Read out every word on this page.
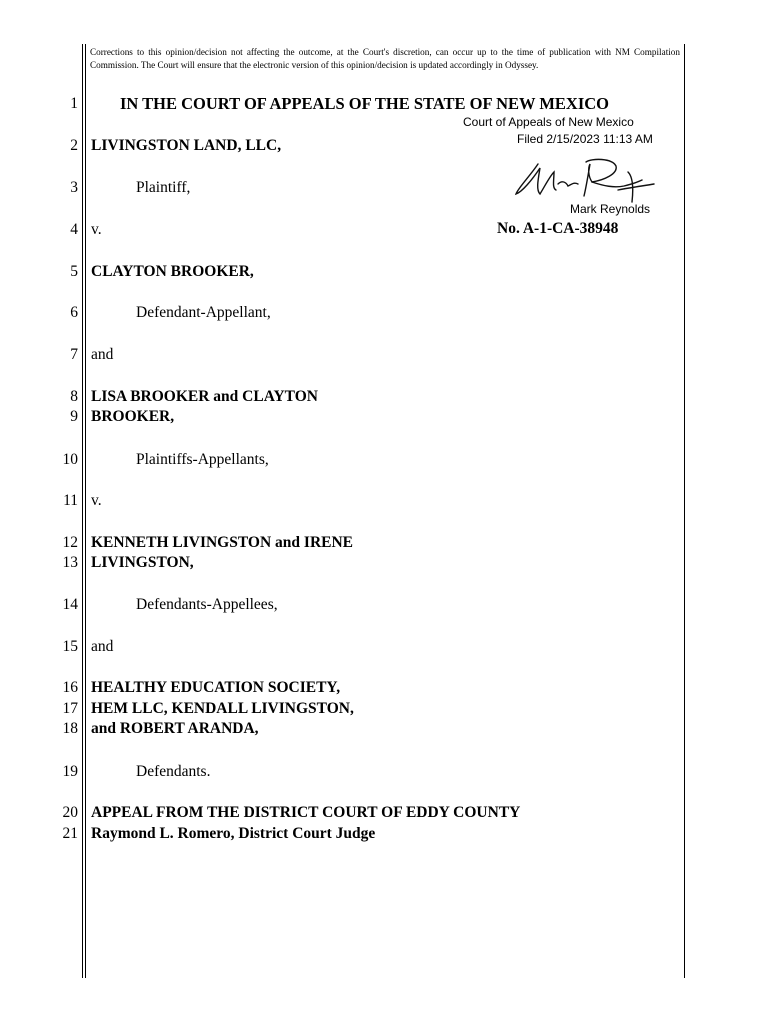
Corrections to this opinion/decision not affecting the outcome, at the Court's discretion, can occur up to the time of publication with NM Compilation Commission. The Court will ensure that the electronic version of this opinion/decision is updated accordingly in Odyssey.

IN THE COURT OF APPEALS OF THE STATE OF NEW MEXICO
Court of Appeals of New Mexico
Filed 2/15/2023 11:13 AM
Mark Reynolds
No. A-1-CA-38948
1
2
3
4
5
6
7
8
9
10
11
12
13
14
15
16
17
18
19
20
21
LIVINGSTON LAND, LLC,
Plaintiff,
v.
CLAYTON BROOKER,
Defendant-Appellant,
and
LISA BROOKER and CLAYTON
BROOKER,
Plaintiffs-Appellants,
v.
KENNETH LIVINGSTON and IRENE
LIVINGSTON,
Defendants-Appellees,
and
HEALTHY EDUCATION SOCIETY,
HEM LLC, KENDALL LIVINGSTON,
and ROBERT ARANDA,
Defendants.
APPEAL FROM THE DISTRICT COURT OF EDDY COUNTY
Raymond L. Romero, District Court Judge
